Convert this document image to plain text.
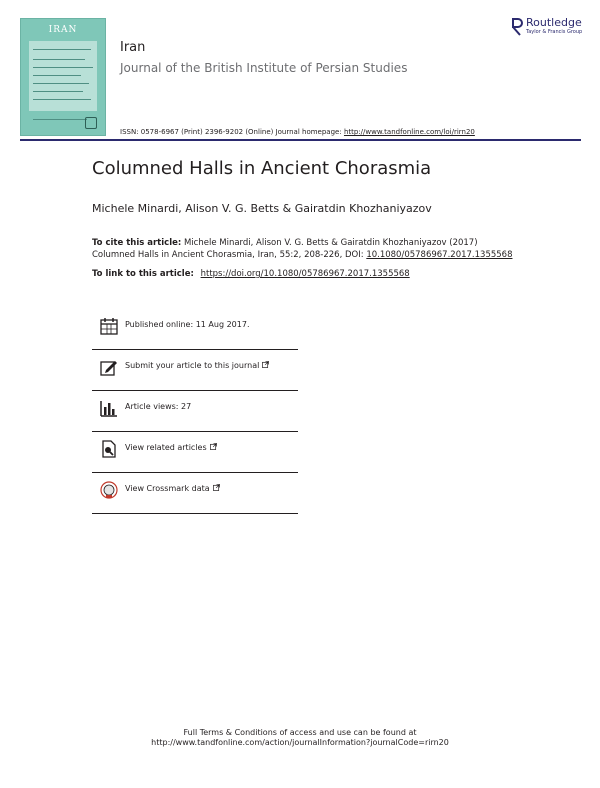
IRAN
Iran
Journal of the British Institute of Persian Studies
Routledge
Taylor & Francis Group
ISSN: 0578-6967 (Print) 2396-9202 (Online) Journal homepage: http://www.tandfonline.com/loi/rirn20
Columned Halls in Ancient Chorasmia
Michele Minardi, Alison V. G. Betts & Gairatdin Khozhaniyazov
To cite this article: Michele Minardi, Alison V. G. Betts & Gairatdin Khozhaniyazov (2017)
Columned Halls in Ancient Chorasmia, Iran, 55:2, 208-226, DOI: 10.1080/05786967.2017.1355568
To link to this article: https://doi.org/10.1080/05786967.2017.1355568
Published online: 11 Aug 2017.
Submit your article to this journal
Article views: 27
View related articles
View Crossmark data
Full Terms & Conditions of access and use can be found at
http://www.tandfonline.com/action/journalInformation?journalCode=rirn20
